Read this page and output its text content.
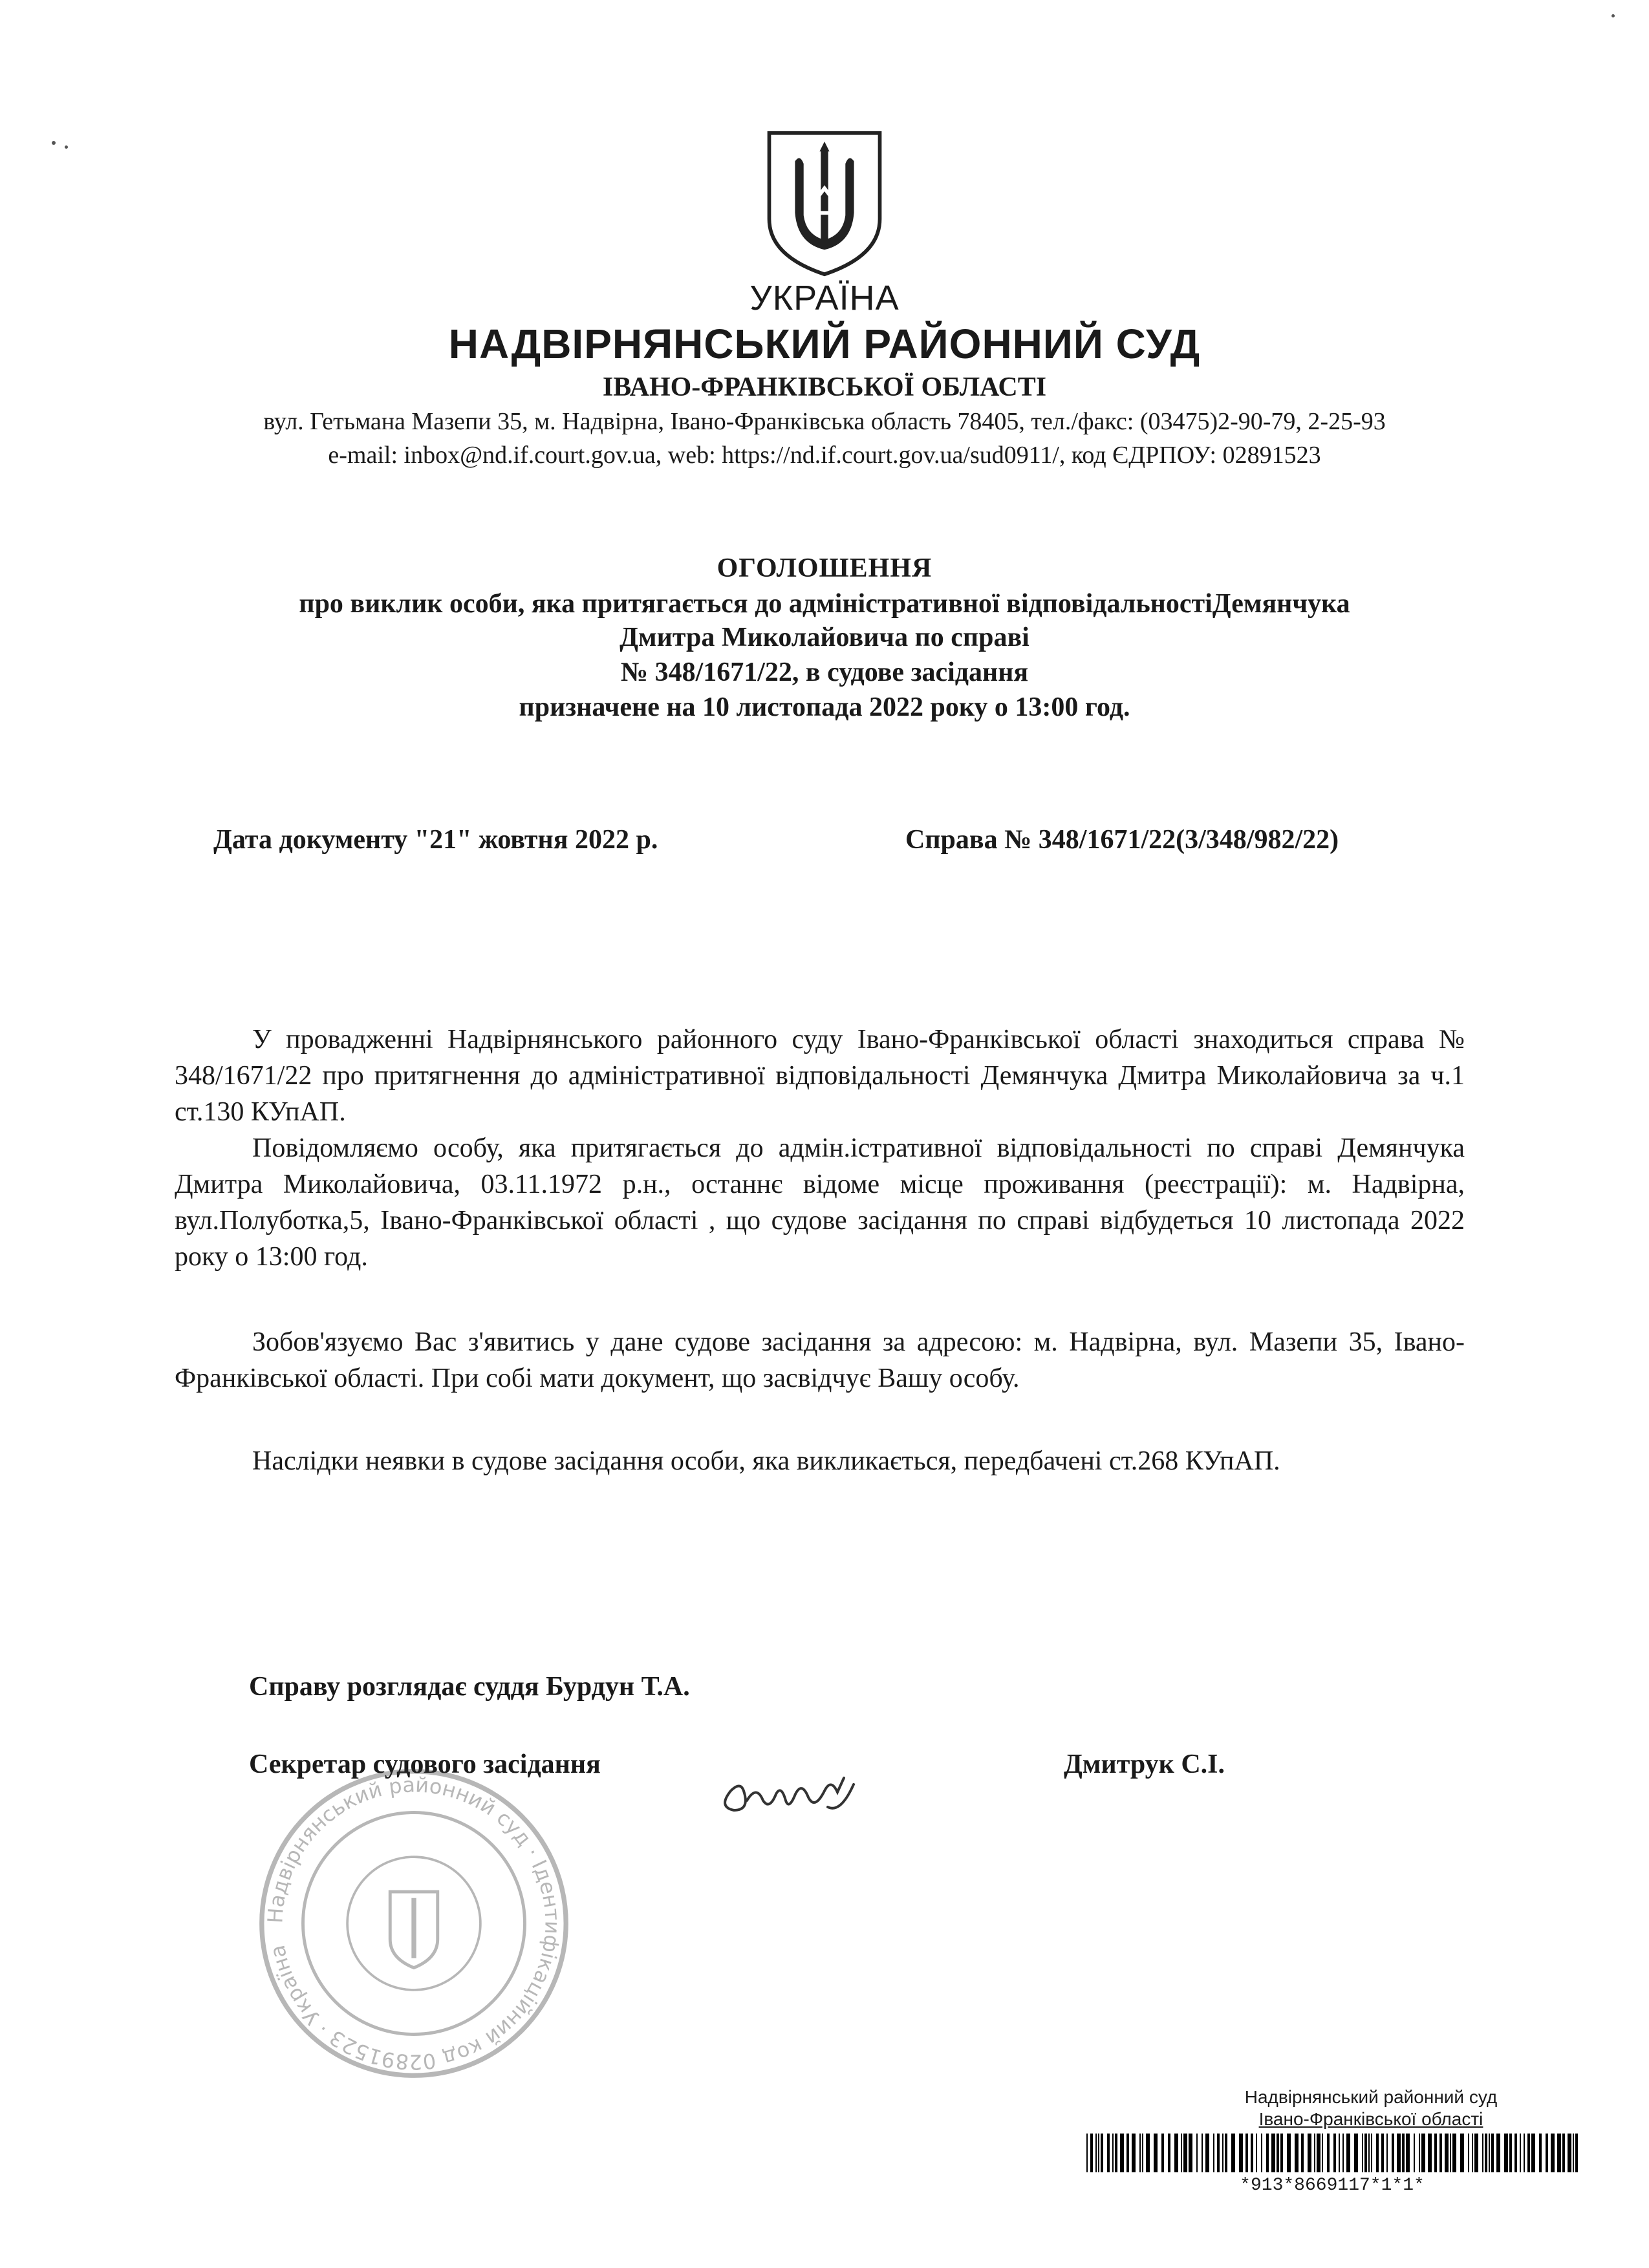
УКРАЇНА
НАДВІРНЯНСЬКИЙ РАЙОННИЙ СУД
ІВАНО-ФРАНКІВСЬКОЇ ОБЛАСТІ
вул. Гетьмана Мазепи 35, м. Надвірна, Івано-Франківська область 78405, тел./факс: (03475)2-90-79, 2-25-93
e-mail: inbox@nd.if.court.gov.ua, web: https://nd.if.court.gov.ua/sud0911/, код ЄДРПОУ: 02891523
ОГОЛОШЕННЯ
про виклик особи, яка притягається до адміністративної відповідальностіДемянчука
Дмитра Миколайовича по справі
№ 348/1671/22, в судове засідання
призначене на 10 листопада 2022 року о 13:00 год.
Дата документу "21" жовтня 2022 р.	Справа № 348/1671/22(3/348/982/22)

У провадженні Надвірнянського районного суду Івано-Франківської області знаходиться справа № 348/1671/22 про притягнення до адміністративної відповідальності Демянчука Дмитра Миколайовича за ч.1 ст.130 КУпАП.

Повідомляємо особу, яка притягається до адмін.істративної відповідальності по справі Демянчука Дмитра Миколайовича, 03.11.1972 р.н., останнє відоме місце проживання (реєстрації): м. Надвірна, вул.Полуботка,5, Івано-Франківської області , що судове засідання по справі відбудеться 10 листопада 2022 року о 13:00 год.

Зобов'язуємо Вас з'явитись у дане судове засідання за адресою: м. Надвірна, вул. Мазепи 35, Івано-Франківської області. При собі мати документ, що засвідчує Вашу особу.

Наслідки неявки в судове засідання особи, яка викликається, передбачені ст.268 КУпАП.

Справу розглядає суддя Бурдун Т.А.
Секретар судового засідання	Дмитрук С.І.
Надвірнянський районний суд · Ідентифікаційний код 02891523 · Україна
Надвірнянський районний суд
Івано-Франківської області
*913*8669117*1*1*
